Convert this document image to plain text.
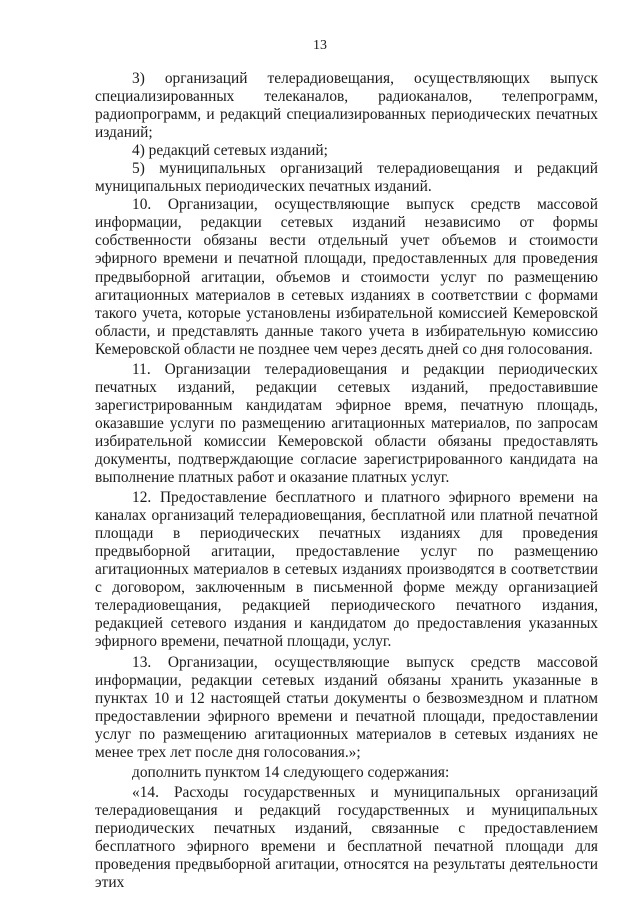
13

3) организаций телерадиовещания, осуществляющих выпуск специализированных телеканалов, радиоканалов, телепрограмм, радиопрограмм, и редакций специализированных периодических печатных изданий;

4) редакций сетевых изданий;

5) муниципальных организаций телерадиовещания и редакций муниципальных периодических печатных изданий.

10. Организации, осуществляющие выпуск средств массовой информации, редакции сетевых изданий независимо от формы собственности обязаны вести отдельный учет объемов и стоимости эфирного времени и печатной площади, предоставленных для проведения предвыборной агитации, объемов и стоимости услуг по размещению агитационных материалов в сетевых изданиях в соответствии с формами такого учета, которые установлены избирательной комиссией Кемеровской области, и представлять данные такого учета в избирательную комиссию Кемеровской области не позднее чем через десять дней со дня голосования.

11. Организации телерадиовещания и редакции периодических печатных изданий, редакции сетевых изданий, предоставившие зарегистрированным кандидатам эфирное время, печатную площадь, оказавшие услуги по размещению агитационных материалов, по запросам избирательной комиссии Кемеровской области обязаны предоставлять документы, подтверждающие согласие зарегистрированного кандидата на выполнение платных работ и оказание платных услуг.

12. Предоставление бесплатного и платного эфирного времени на каналах организаций телерадиовещания, бесплатной или платной печатной площади в периодических печатных изданиях для проведения предвыборной агитации, предоставление услуг по размещению агитационных материалов в сетевых изданиях производятся в соответствии с договором, заключенным в письменной форме между организацией телерадиовещания, редакцией периодического печатного издания, редакцией сетевого издания и кандидатом до предоставления указанных эфирного времени, печатной площади, услуг.

13. Организации, осуществляющие выпуск средств массовой информации, редакции сетевых изданий обязаны хранить указанные в пунктах 10 и 12 настоящей статьи документы о безвозмездном и платном предоставлении эфирного времени и печатной площади, предоставлении услуг по размещению агитационных материалов в сетевых изданиях не менее трех лет после дня голосования.»;

дополнить пунктом 14 следующего содержания:

«14. Расходы государственных и муниципальных организаций телерадиовещания и редакций государственных и муниципальных периодических печатных изданий, связанные с предоставлением бесплатного эфирного времени и бесплатной печатной площади для проведения предвыборной агитации, относятся на результаты деятельности этих
